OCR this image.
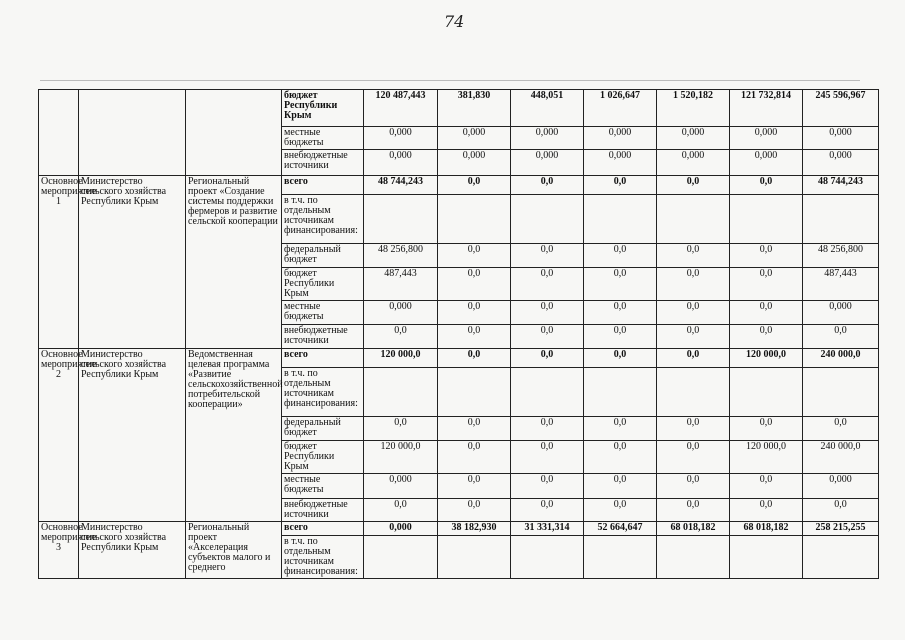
74
			бюджет Республики Крым	120 487,443	381,830	448,051	1 026,647	1 520,182	121 732,814	245 596,967
			местные бюджеты	0,000	0,000	0,000	0,000	0,000	0,000	0,000
			внебюджетные источники	0,000	0,000	0,000	0,000	0,000	0,000	0,000
Основное мероприятие 1	Министерство сельского хозяйства Республики Крым	Региональный проект «Создание системы поддержки фермеров и развитие сельской кооперации	всего	48 744,243	0,0	0,0	0,0	0,0	0,0	48 744,243
			в т.ч. по отдельным источникам финансирования:							
			федеральный бюджет	48 256,800	0,0	0,0	0,0	0,0	0,0	48 256,800
			бюджет Республики Крым	487,443	0,0	0,0	0,0	0,0	0,0	487,443
			местные бюджеты	0,000	0,0	0,0	0,0	0,0	0,0	0,000
			внебюджетные источники	0,0	0,0	0,0	0,0	0,0	0,0	0,0
Основное мероприятие 2	Министерство сельского хозяйства Республики Крым	Ведомственная целевая программа «Развитие сельскохозяйственной потребительской кооперации»	всего	120 000,0	0,0	0,0	0,0	0,0	120 000,0	240 000,0
			в т.ч. по отдельным источникам финансирования:							
			федеральный бюджет	0,0	0,0	0,0	0,0	0,0	0,0	0,0
			бюджет Республики Крым	120 000,0	0,0	0,0	0,0	0,0	120 000,0	240 000,0
			местные бюджеты	0,000	0,0	0,0	0,0	0,0	0,0	0,000
			внебюджетные источники	0,0	0,0	0,0	0,0	0,0	0,0	0,0
Основное мероприятие 3	Министерство сельского хозяйства Республики Крым	Региональный проект «Акселерация субъектов малого и среднего	всего	0,000	38 182,930	31 331,314	52 664,647	68 018,182	68 018,182	258 215,255
			в т.ч. по отдельным источникам финансирования:							
